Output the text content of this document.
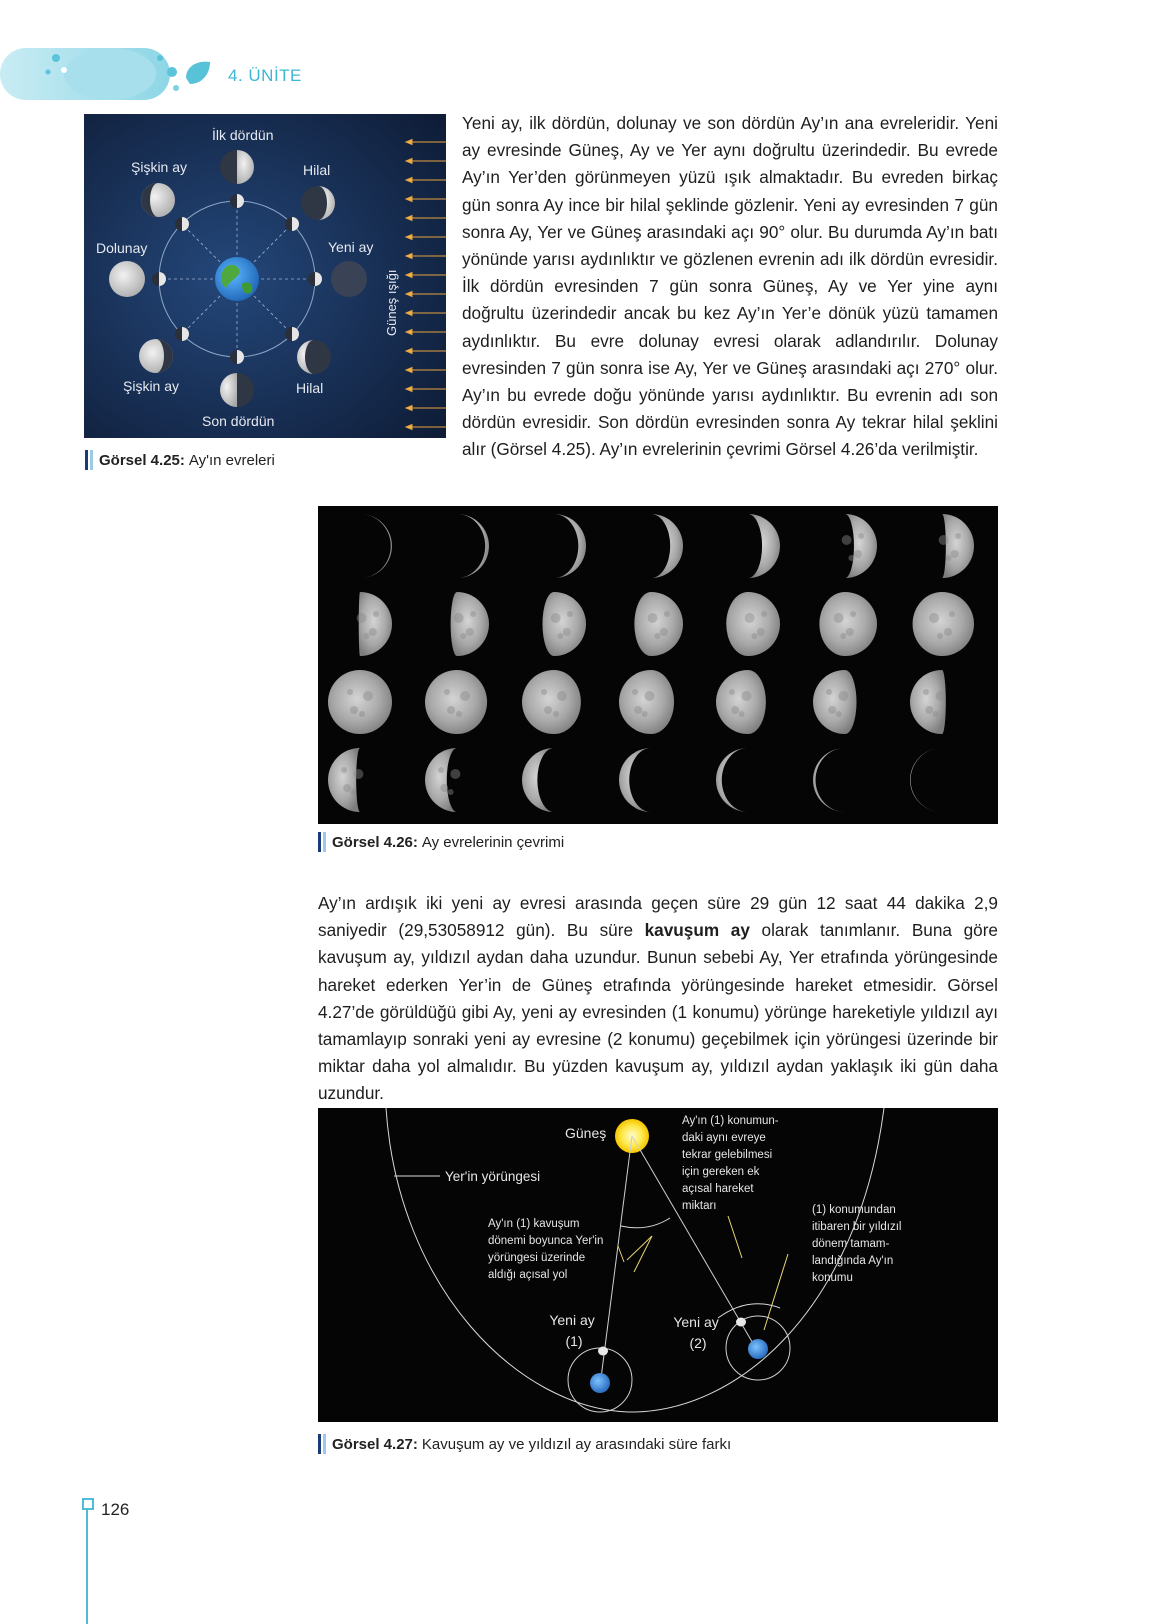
4. ÜNİTE
İlk dördün
Şişkin ay	Hilal
Dolunay	Yeni ay
Şişkin ay	Hilal
Son dördün
Güneş ışığı
Görsel 4.25: Ay'ın evreleri
Yeni ay, ilk dördün, dolunay ve son dördün Ay’ın ana evreleridir. Yeni ay evresinde Güneş, Ay ve Yer aynı doğrultu üzerindedir. Bu evrede Ay’ın Yer’den görünmeyen yüzü ışık almaktadır. Bu evreden birkaç gün sonra Ay ince bir hilal şeklinde gözlenir. Yeni ay evresinden 7 gün sonra Ay, Yer ve Güneş arasındaki açı 90° olur. Bu durumda Ay’ın batı yönünde yarısı aydınlıktır ve gözlenen evrenin adı ilk dördün evresidir. İlk dördün evresinden 7 gün sonra Güneş, Ay ve Yer yine aynı doğrultu üzerindedir ancak bu kez Ay’ın Yer’e dönük yüzü tamamen aydınlıktır. Bu evre dolunay evresi olarak adlandırılır. Dolunay evresinden 7 gün sonra ise Ay, Yer ve Güneş arasındaki açı 270° olur. Ay’ın bu evrede doğu yönünde yarısı aydınlıktır. Bu evrenin adı son dördün evresidir. Son dördün evresinden sonra Ay tekrar hilal şeklini alır (Görsel 4.25). Ay’ın evrelerinin çevrimi Görsel 4.26’da verilmiştir.
Görsel 4.26: Ay evrelerinin çevrimi
Ay’ın ardışık iki yeni ay evresi arasında geçen süre 29 gün 12 saat 44 dakika 2,9 saniyedir (29,53058912 gün). Bu süre kavuşum ay olarak tanımlanır. Buna göre kavuşum ay, yıldızıl aydan daha uzundur. Bunun sebebi Ay, Yer etrafında yörüngesinde hareket ederken Yer’in de Güneş etrafında yörüngesinde hareket etmesidir. Görsel 4.27’de görüldüğü gibi Ay, yeni ay evresinden (1 konumu) yörünge hareketiyle yıldızıl ayı tamamlayıp sonraki yeni ay evresine (2 konumu) geçebilmek için yörüngesi üzerinde bir miktar daha yol almalıdır. Bu yüzden kavuşum ay, yıldızıl aydan yaklaşık iki gün daha uzundur.
Güneş
Yer'in yörüngesi
Ay'ın (1) konumun- daki aynı evreye tekrar gelebilmesi için gereken ek açısal hareket miktarı
Ay'ın (1) kavuşum dönemi boyunca Yer'in yörüngesi üzerinde aldığı açısal yol
(1) konumundan itibaren bir yıldızıl dönem tamam- landığında Ay'ın konumu
Yeni ay (1)
Yeni ay (2)
Görsel 4.27: Kavuşum ay ve yıldızıl ay arasındaki süre farkı
126
